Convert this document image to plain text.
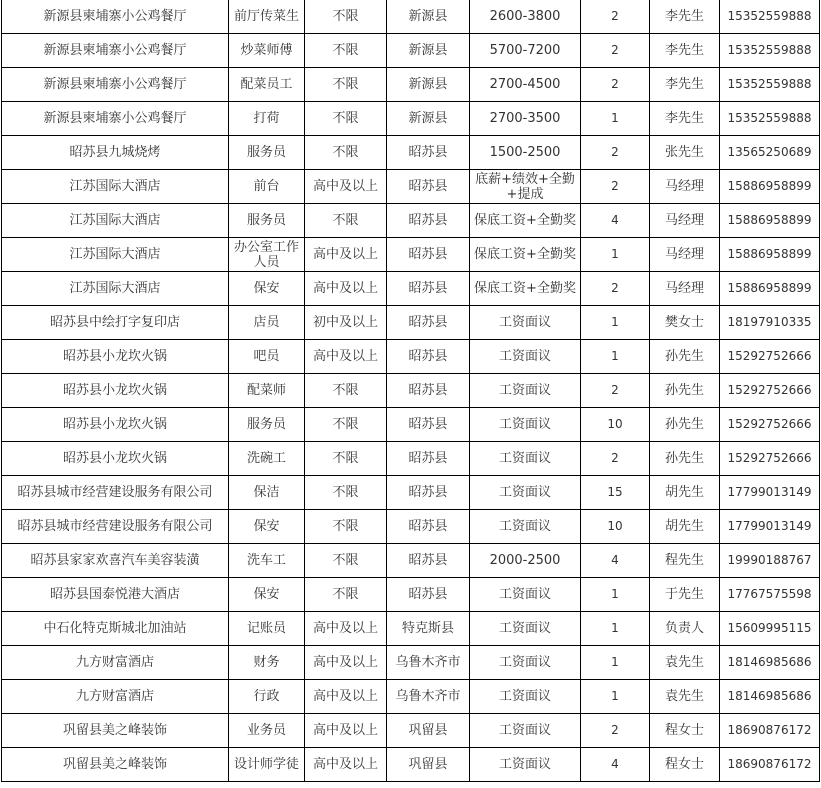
新源县柬埔寨小公鸡餐厅	前厅传菜生	不限	新源县	2600-3800	2	李先生	15352559888
新源县柬埔寨小公鸡餐厅	炒菜师傅	不限	新源县	5700-7200	2	李先生	15352559888
新源县柬埔寨小公鸡餐厅	配菜员工	不限	新源县	2700-4500	2	李先生	15352559888
新源县柬埔寨小公鸡餐厅	打荷	不限	新源县	2700-3500	1	李先生	15352559888
昭苏县九城烧烤	服务员	不限	昭苏县	1500-2500	2	张先生	13565250689
江苏国际大酒店	前台	高中及以上	昭苏县	底薪+绩效+全勤+提成	2	马经理	15886958899
江苏国际大酒店	服务员	不限	昭苏县	保底工资+全勤奖	4	马经理	15886958899
江苏国际大酒店	办公室工作人员	高中及以上	昭苏县	保底工资+全勤奖	1	马经理	15886958899
江苏国际大酒店	保安	高中及以上	昭苏县	保底工资+全勤奖	2	马经理	15886958899
昭苏县中绘打字复印店	店员	初中及以上	昭苏县	工资面议	1	樊女士	18197910335
昭苏县小龙坎火锅	吧员	高中及以上	昭苏县	工资面议	1	孙先生	15292752666
昭苏县小龙坎火锅	配菜师	不限	昭苏县	工资面议	2	孙先生	15292752666
昭苏县小龙坎火锅	服务员	不限	昭苏县	工资面议	10	孙先生	15292752666
昭苏县小龙坎火锅	洗碗工	不限	昭苏县	工资面议	2	孙先生	15292752666
昭苏县城市经营建设服务有限公司	保洁	不限	昭苏县	工资面议	15	胡先生	17799013149
昭苏县城市经营建设服务有限公司	保安	不限	昭苏县	工资面议	10	胡先生	17799013149
昭苏县家家欢喜汽车美容装潢	洗车工	不限	昭苏县	2000-2500	4	程先生	19990188767
昭苏县国泰悦港大酒店	保安	不限	昭苏县	工资面议	1	于先生	17767575598
中石化特克斯城北加油站	记账员	高中及以上	特克斯县	工资面议	1	负责人	15609995115
九方财富酒店	财务	高中及以上	乌鲁木齐市	工资面议	1	袁先生	18146985686
九方财富酒店	行政	高中及以上	乌鲁木齐市	工资面议	1	袁先生	18146985686
巩留县美之峰装饰	业务员	高中及以上	巩留县	工资面议	2	程女士	18690876172
巩留县美之峰装饰	设计师学徒	高中及以上	巩留县	工资面议	4	程女士	18690876172
